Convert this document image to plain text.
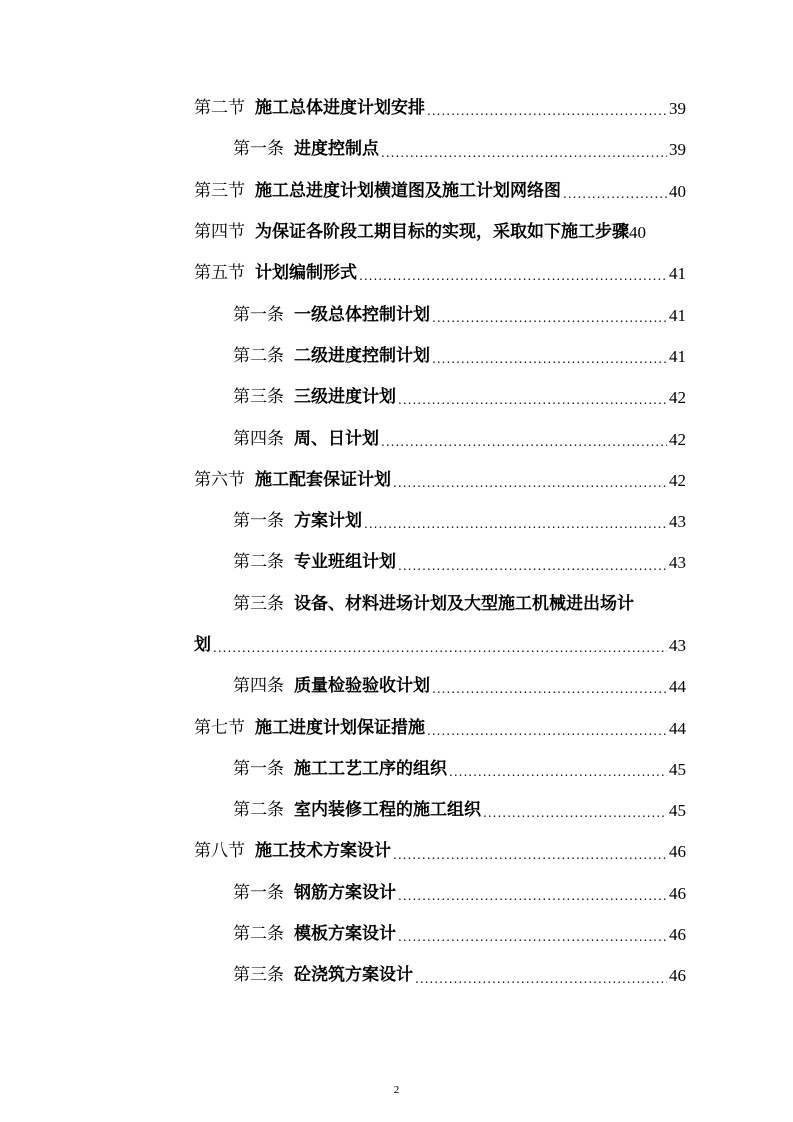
第二节 施工总体进度计划安排 .....	39
第一条 进度控制点 .....	39
第三节 施工总进度计划横道图及施工计划网络图 .....	40
第四节 为保证各阶段工期目标的实现，采取如下施工步骤 40
第五节 计划编制形式 .....	41
第一条 一级总体控制计划 .....	41
第二条 二级进度控制计划 .....	41
第三条 三级进度计划 .....	42
第四条 周、日计划 .....	42
第六节 施工配套保证计划 .....	42
第一条 方案计划 .....	43
第二条 专业班组计划 .....	43
第三条 设备、材料进场计划及大型施工机械进出场计
划 .....	43
第四条 质量检验验收计划 .....	44
第七节 施工进度计划保证措施 .....	44
第一条 施工工艺工序的组织 .....	45
第二条 室内装修工程的施工组织 .....	45
第八节 施工技术方案设计 .....	46
第一条 钢筋方案设计 .....	46
第二条 模板方案设计 .....	46
第三条 砼浇筑方案设计 .....	46
2
